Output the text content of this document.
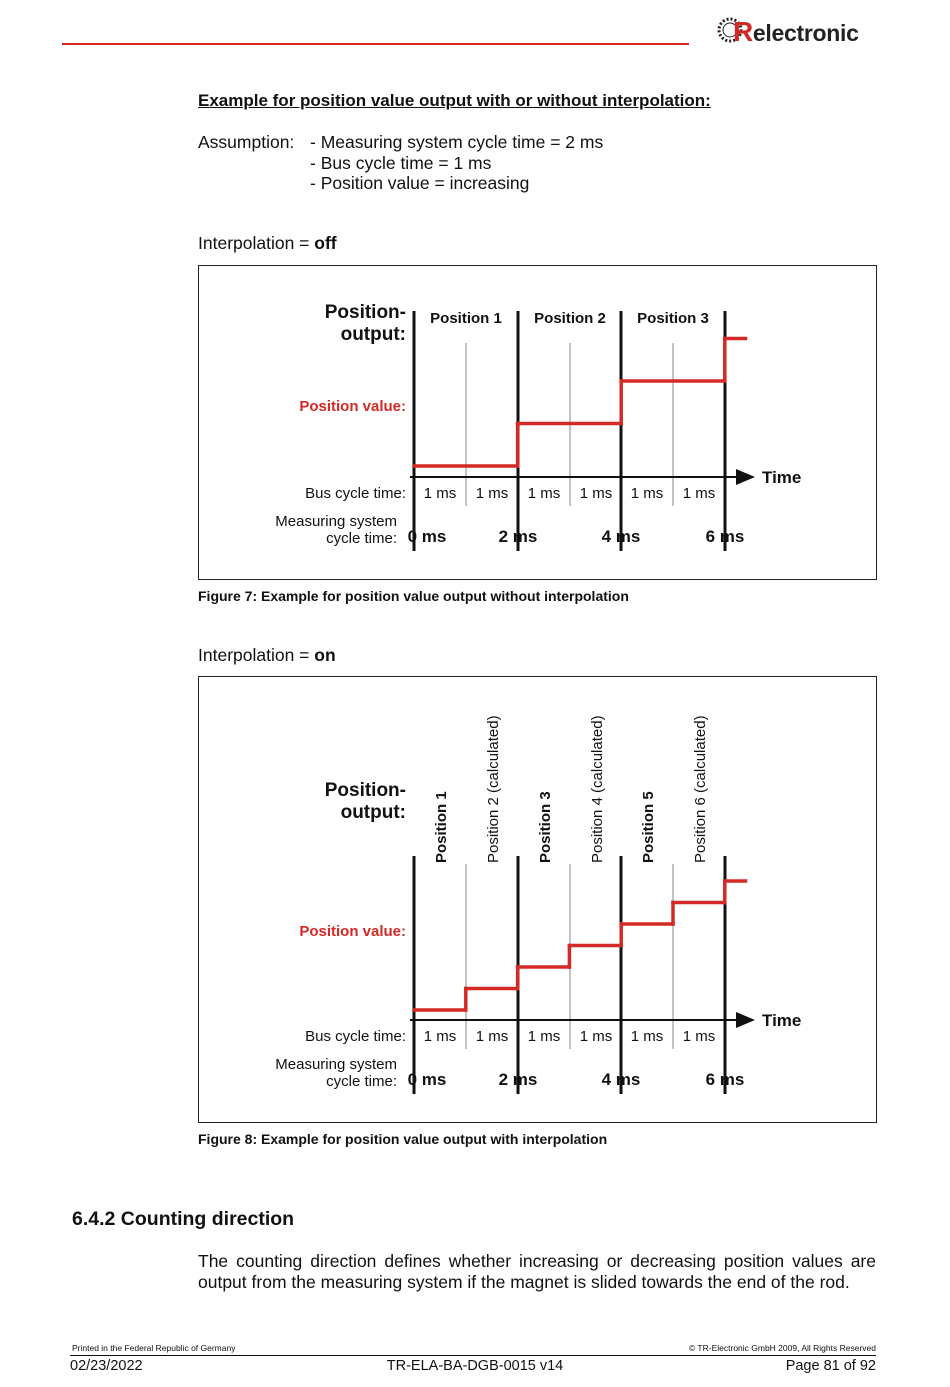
Relectronic
Example for position value output with or without interpolation:
Assumption: - Measuring system cycle time = 2 ms
- Bus cycle time = 1 ms
- Position value = increasing
Interpolation = off
Position-
output:
Position value:
Bus cycle time:
Measuring system
cycle time:
Time
Position 1 Position 2 Position 3
1 ms 1 ms 1 ms 1 ms 1 ms 1 ms
0 ms	2 ms	4 ms	6 ms
Figure 7: Example for position value output without interpolation
Interpolation = on
Position-
output:
Position value:
Bus cycle time:
Measuring system
cycle time:
Time
Position 1 Position 2 (calculated) Position 3 Position 4 (calculated) Position 5 Position 6 (calculated)
1 ms 1 ms 1 ms 1 ms 1 ms 1 ms
0 ms	2 ms	4 ms	6 ms
Figure 8: Example for position value output with interpolation
6.4.2 Counting direction
The counting direction defines whether increasing or decreasing position values are output from the measuring system if the magnet is slided towards the end of the rod.
Printed in the Federal Republic of Germany	© TR-Electronic GmbH 2009, All Rights Reserved
02/23/2022	TR-ELA-BA-DGB-0015 v14	Page 81 of 92
